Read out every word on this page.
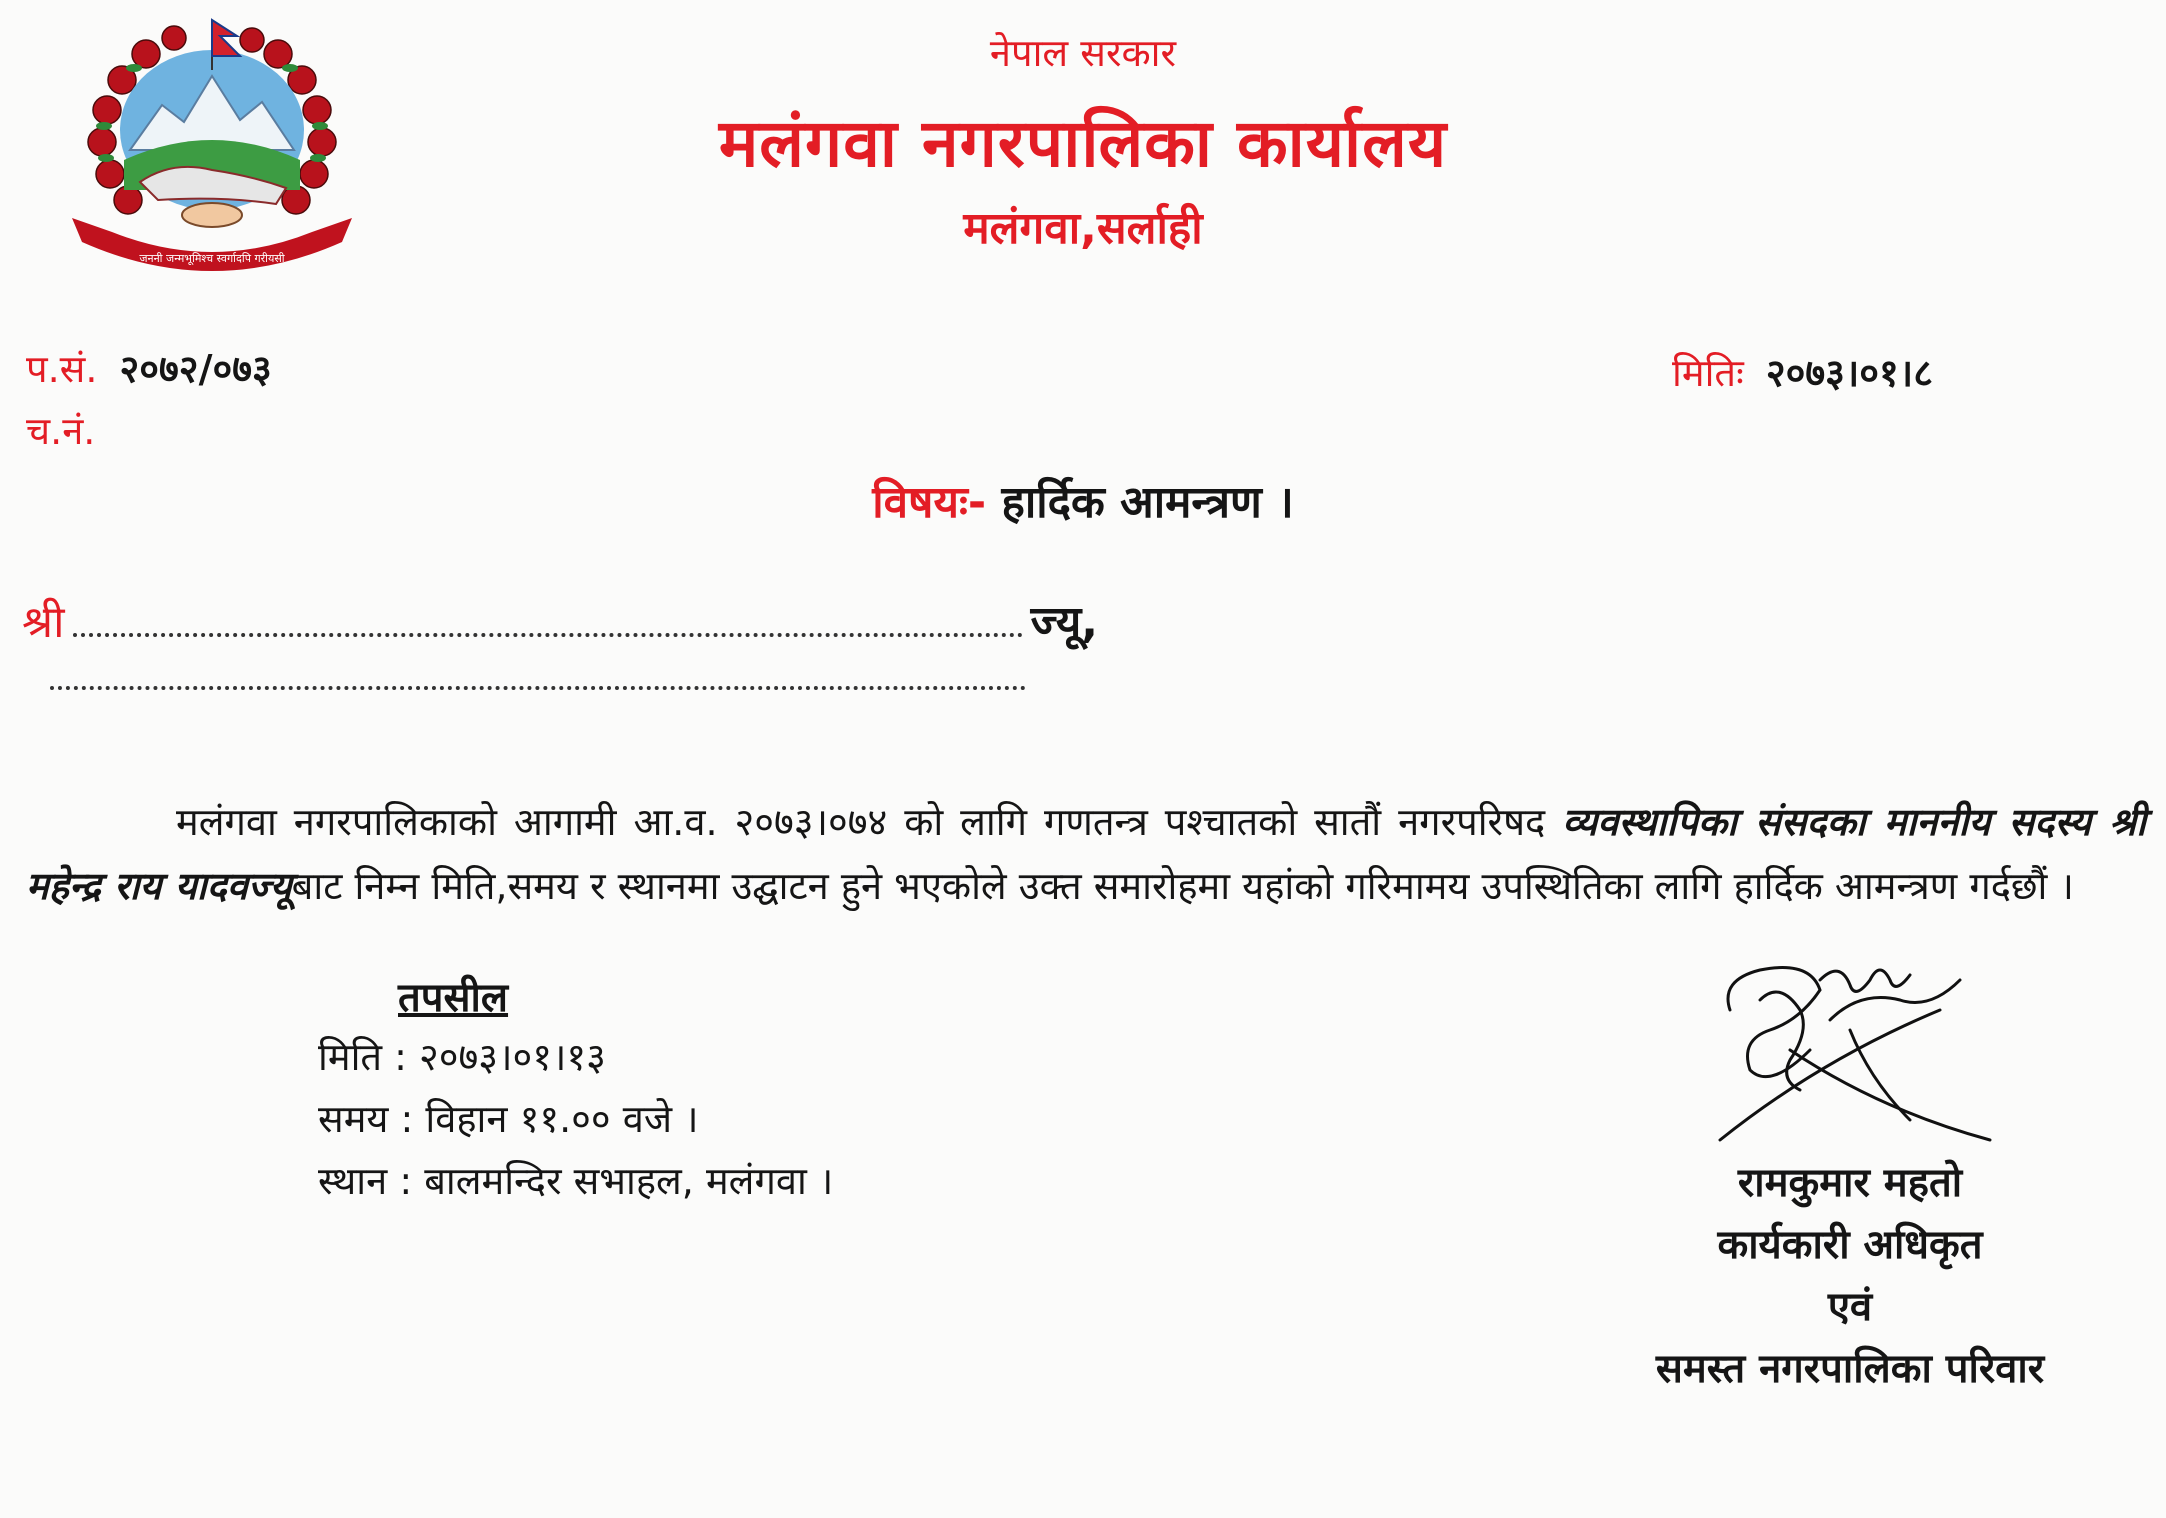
जननी जन्मभूमिश्च स्वर्गादपि गरीयसी
नेपाल सरकार
मलंगवा नगरपालिका कार्यालय
मलंगवा,सर्लाही
प.सं. २०७२/०७३
च.नं.
मितिः २०७३।०१।८
विषयः- हार्दिक आमन्त्रण ।
श्री	ज्यू,
मलंगवा नगरपालिकाको आगामी आ.व. २०७३।०७४ को लागि गणतन्त्र पश्चातको सातौं नगरपरिषद व्यवस्थापिका संसदका माननीय सदस्य श्री महेन्द्र राय यादवज्यूबाट निम्न मिति,समय र स्थानमा उद्घाटन हुने भएकोले उक्त समारोहमा यहांको गरिमामय उपस्थितिका लागि हार्दिक आमन्त्रण गर्दछौं ।
तपसील
मिति : २०७३।०१।१३
समय : विहान ११.०० वजे ।
स्थान : बालमन्दिर सभाहल, मलंगवा ।	रामकुमार महतो
कार्यकारी अधिकृत
एवं
समस्त नगरपालिका परिवार
